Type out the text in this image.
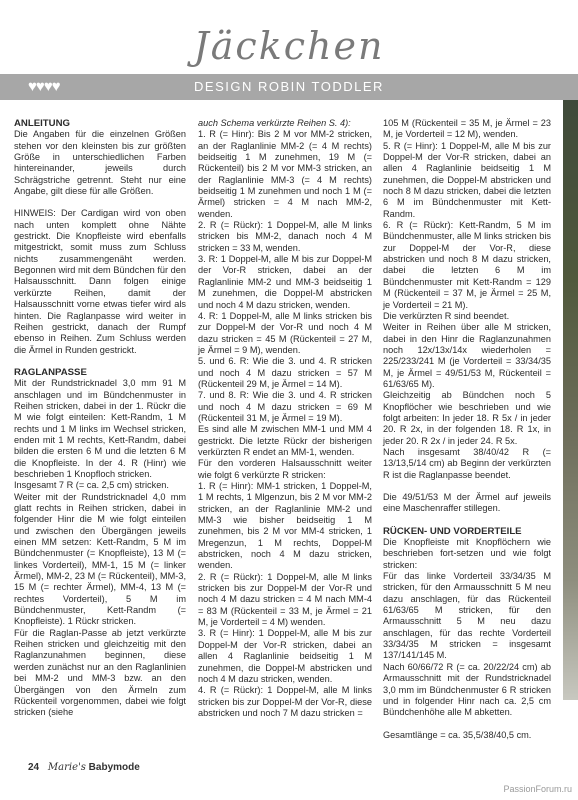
Jäckchen
♥♥♥♥	DESIGN ROBIN TODDLER
ANLEITUNG

Die Angaben für die einzelnen Größen stehen vor den kleinsten bis zur größten Größe in unterschiedlichen Farben hintereinander, jeweils durch Schrägstriche getrennt. Steht nur eine Angabe, gilt diese für alle Größen.

HINWEIS: Der Cardigan wird von oben nach unten komplett ohne Nähte gestrickt. Die Knopfleiste wird ebenfalls mitgestrickt, somit muss zum Schluss nichts zusammengenäht werden. Begonnen wird mit dem Bündchen für den Halsausschnitt. Dann folgen einige verkürzte Reihen, damit der Halsausschnitt vorne etwas tiefer wird als hinten. Die Raglanpasse wird weiter in Reihen gestrickt, danach der Rumpf ebenso in Reihen. Zum Schluss werden die Ärmel in Runden gestrickt.

RAGLANPASSE

Mit der Rundstricknadel 3,0 mm 91 M anschlagen und im Bündchenmuster in Reihen stricken, dabei in der 1. Rückr die M wie folgt einteilen: Kett-Randm, 1 M rechts und 1 M links im Wechsel stricken, enden mit 1 M rechts, Kett-Randm, dabei bilden die ersten 6 M und die letzten 6 M die Knopfleiste. In der 4. R (Hinr) wie beschrieben 1 Knopfloch stricken.

Insgesamt 7 R (= ca. 2,5 cm) stricken.

Weiter mit der Rundstricknadel 4,0 mm glatt rechts in Reihen stricken, dabei in folgender Hinr die M wie folgt einteilen und zwischen den Übergängen jeweils einen MM setzen: Kett-Randm, 5 M im Bündchenmuster (= Knopfleiste), 13 M (= linkes Vorderteil), MM-1, 15 M (= linker Ärmel), MM-2, 23 M (= Rückenteil), MM-3, 15 M (= rechter Ärmel), MM-4, 13 M (= rechtes Vorderteil), 5 M im Bündchenmuster, Kett-Randm (= Knopfleiste). 1 Rückr stricken.

Für die Raglan-Passe ab jetzt verkürzte Reihen stricken und gleichzeitig mit den Raglanzunahmen beginnen, diese werden zunächst nur an den Raglanlinien bei MM-2 und MM-3 bzw. an den Übergängen von den Ärmeln zum Rückenteil vorgenommen, dabei wie folgt stricken (siehe

auch Schema verkürzte Reihen S. 4):

1. R (= Hinr): Bis 2 M vor MM-2 stricken, an der Raglanlinie MM-2 (= 4 M rechts) beidseitig 1 M zunehmen, 19 M (= Rückenteil) bis 2 M vor MM-3 stricken, an der Raglanlinie MM-3 (= 4 M rechts) beidseitig 1 M zunehmen und noch 1 M (= Ärmel) stricken = 4 M nach MM-2, wenden.

2. R (= Rückr): 1 Doppel-M, alle M links stricken bis MM-2, danach noch 4 M stricken = 33 M, wenden.

3. R: 1 Doppel-M, alle M bis zur Doppel-M der Vor-R stricken, dabei an der Raglanlinie MM-2 und MM-3 beidseitig 1 M zunehmen, die Doppel-M abstricken und noch 4 M dazu stricken, wenden.

4. R: 1 Doppel-M, alle M links stricken bis zur Doppel-M der Vor-R und noch 4 M dazu stricken = 45 M (Rückenteil = 27 M, je Ärmel = 9 M), wenden.

5. und 6. R: Wie die 3. und 4. R stricken und noch 4 M dazu stricken = 57 M (Rückenteil 29 M, je Ärmel = 14 M).

7. und 8. R: Wie die 3. und 4. R stricken und noch 4 M dazu stricken = 69 M (Rückenteil 31 M, je Ärmel = 19 M).

Es sind alle M zwischen MM-1 und MM 4 gestrickt. Die letzte Rückr der bisherigen verkürzten R endet an MM-1, wenden.

Für den vorderen Halsausschnitt weiter wie folgt 6 verkürzte R stricken:

1. R (= Hinr): MM-1 stricken, 1 Doppel-M, 1 M rechts, 1 Mlgenzun, bis 2 M vor MM-2 stricken, an der Raglanlinie MM-2 und MM-3 wie bisher beidseitig 1 M zunehmen, bis 2 M vor MM-4 stricken, 1 Mregenzun, 1 M rechts, Doppel-M abstricken, noch 4 M dazu stricken, wenden.

2. R (= Rückr): 1 Doppel-M, alle M links stricken bis zur Doppel-M der Vor-R und noch 4 M dazu stricken = 4 M nach MM-4 = 83 M (Rückenteil = 33 M, je Ärmel = 21 M, je Vorderteil = 4 M) wenden.

3. R (= Hinr): 1 Doppel-M, alle M bis zur Doppel-M der Vor-R stricken, dabei an allen 4 Raglanlinie beidseitig 1 M zunehmen, die Doppel-M abstricken und noch 4 M dazu stricken, wenden.

4. R (= Rückr): 1 Doppel-M, alle M links stricken bis zur Doppel-M der Vor-R, diese abstricken und noch 7 M dazu stricken =

105 M (Rückenteil = 35 M, je Ärmel = 23 M, je Vorderteil = 12 M), wenden.

5. R (= Hinr): 1 Doppel-M, alle M bis zur Doppel-M der Vor-R stricken, dabei an allen 4 Raglanlinie beidseitig 1 M zunehmen, die Doppel-M abstricken und noch 8 M dazu stricken, dabei die letzten 6 M im Bündchenmuster mit Kett-Randm.

6. R (= Rückr): Kett-Randm, 5 M im Bündchenmuster, alle M links stricken bis zur Doppel-M der Vor-R, diese abstricken und noch 8 M dazu stricken, dabei die letzten 6 M im Bündchenmuster mit Kett-Randm = 129 M (Rückenteil = 37 M, je Ärmel = 25 M, je Vorderteil = 21 M).

Die verkürzten R sind beendet.

Weiter in Reihen über alle M stricken, dabei in den Hinr die Raglanzunahmen noch 12x/13x/14x wiederholen = 225/233/241 M (je Vorderteil = 33/34/35 M, je Ärmel = 49/51/53 M, Rückenteil = 61/63/65 M).

Gleichzeitig ab Bündchen noch 5 Knopflöcher wie beschrieben und wie folgt arbeiten: In jeder 18. R 5x / in jeder 20. R 2x, in der folgenden 18. R 1x, in jeder 20. R 2x / in jeder 24. R 5x.

Nach insgesamt 38/40/42 R (= 13/13,5/14 cm) ab Beginn der verkürzten R ist die Raglanpasse beendet.

Die 49/51/53 M der Ärmel auf jeweils eine Maschenraffer stillegen.

RÜCKEN- UND VORDERTEILE

Die Knopfleiste mit Knopflöchern wie beschrieben fort-setzen und wie folgt stricken:

Für das linke Vorderteil 33/34/35 M stricken, für den Armausschnitt 5 M neu dazu anschlagen, für das Rückenteil 61/63/65 M stricken, für den Armausschnitt 5 M neu dazu anschlagen, für das rechte Vorderteil 33/34/35 M stricken = insgesamt 137/141/145 M.

Nach 60/66/72 R (= ca. 20/22/24 cm) ab Armausschnitt mit der Rundstricknadel 3,0 mm im Bündchenmuster 6 R stricken und in folgender Hinr nach ca. 2,5 cm Bündchenhöhe alle M abketten.

Gesamtlänge = ca. 35,5/38/40,5 cm.

24 Marie's Babymode
PassionForum.ru
